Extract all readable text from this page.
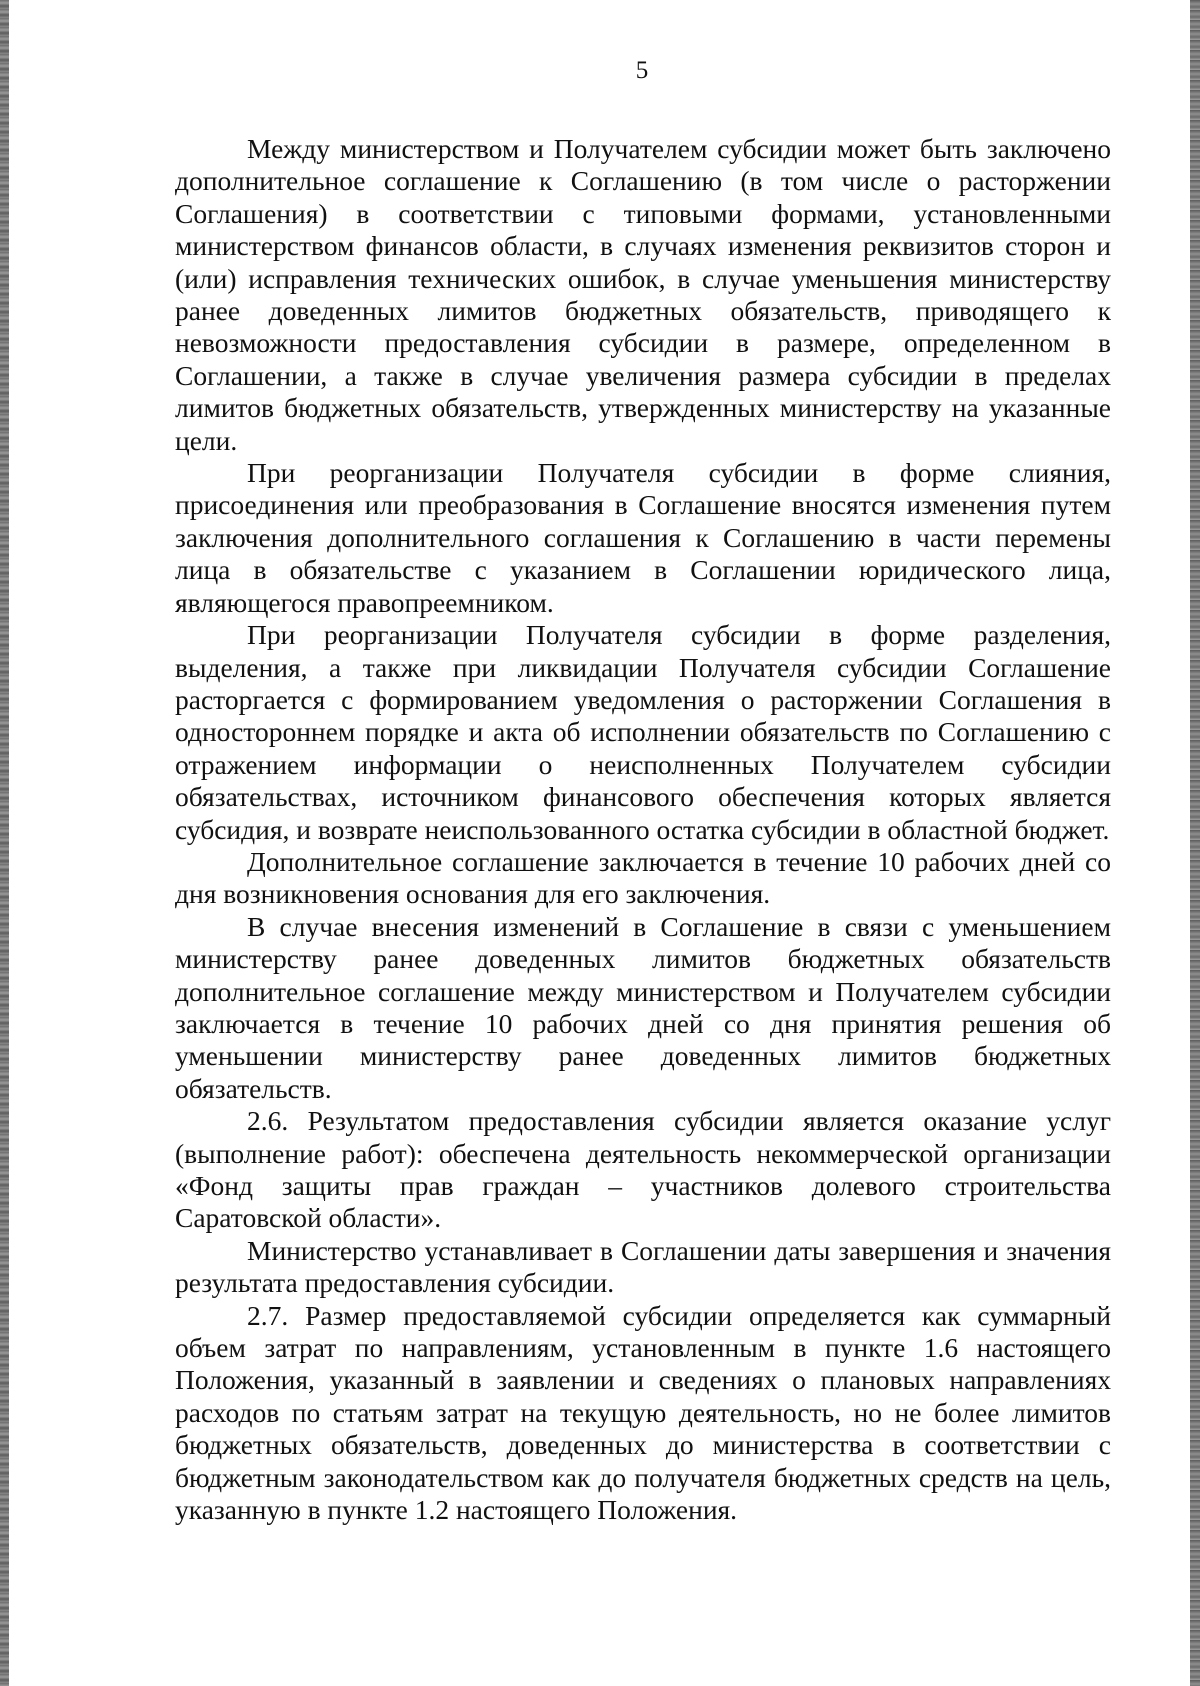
5

Между министерством и Получателем субсидии может быть заключено дополнительное соглашение к Соглашению (в том числе о расторжении Соглашения) в соответствии с типовыми формами, установленными министерством финансов области, в случаях изменения реквизитов сторон и (или) исправления технических ошибок, в случае уменьшения министерству ранее доведенных лимитов бюджетных обязательств, приводящего к невозможности предоставления субсидии в размере, определенном в Соглашении, а также в случае увеличения размера субсидии в пределах лимитов бюджетных обязательств, утвержденных министерству на указанные цели.

При реорганизации Получателя субсидии в форме слияния, присоединения или преобразования в Соглашение вносятся изменения путем заключения дополнительного соглашения к Соглашению в части перемены лица в обязательстве с указанием в Соглашении юридического лица, являющегося правопреемником.

При реорганизации Получателя субсидии в форме разделения, выделения, а также при ликвидации Получателя субсидии Соглашение расторгается с формированием уведомления о расторжении Соглашения в одностороннем порядке и акта об исполнении обязательств по Соглашению с отражением информации о неисполненных Получателем субсидии обязательствах, источником финансового обеспечения которых является субсидия, и возврате неиспользованного остатка субсидии в областной бюджет.

Дополнительное соглашение заключается в течение 10 рабочих дней со дня возникновения основания для его заключения.

В случае внесения изменений в Соглашение в связи с уменьшением министерству ранее доведенных лимитов бюджетных обязательств дополнительное соглашение между министерством и Получателем субсидии заключается в течение 10 рабочих дней со дня принятия решения об уменьшении министерству ранее доведенных лимитов бюджетных обязательств.

2.6. Результатом предоставления субсидии является оказание услуг (выполнение работ): обеспечена деятельность некоммерческой организации «Фонд защиты прав граждан – участников долевого строительства Саратовской области».

Министерство устанавливает в Соглашении даты завершения и значения результата предоставления субсидии.

2.7. Размер предоставляемой субсидии определяется как суммарный объем затрат по направлениям, установленным в пункте 1.6 настоящего Положения, указанный в заявлении и сведениях о плановых направлениях расходов по статьям затрат на текущую деятельность, но не более лимитов бюджетных обязательств, доведенных до министерства в соответствии с бюджетным законодательством как до получателя бюджетных средств на цель, указанную в пункте 1.2 настоящего Положения.
